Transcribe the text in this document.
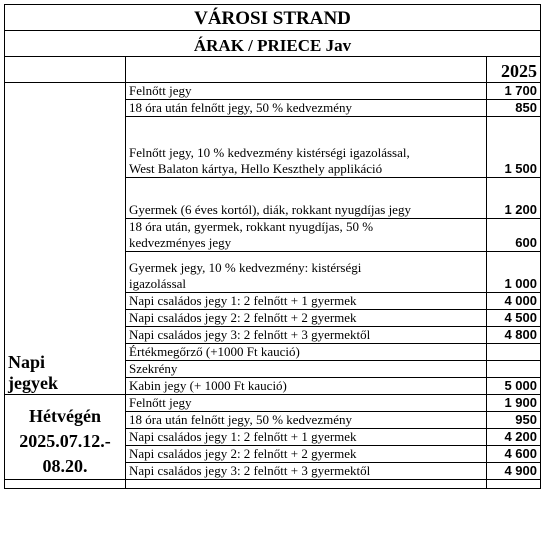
VÁROSI STRAND		
ÁRAK / PRIECE Jav		
		2025

Napi
jegyek	Felnőtt jegy	1 700
	18 óra után felnőtt jegy, 50 % kedvezmény	850

	Felnőtt jegy, 10 % kedvezmény kistérségi igazolással,
West Balaton kártya, Hello Keszthely applikáció	1 500
	Gyermek (6 éves kortól), diák, rokkant nyugdíjas jegy	1 200

	18 óra után, gyermek, rokkant nyugdíjas, 50 %
kedvezményes jegy	600

	Gyermek jegy, 10 % kedvezmény: kistérségi
igazolással	1 000
	Napi családos jegy 1: 2 felnőtt + 1 gyermek	4 000
	Napi családos jegy 2: 2 felnőtt + 2 gyermek	4 500
	Napi családos jegy 3: 2 felnőtt + 3 gyermektől	4 800
	Értékmegőrző (+1000 Ft kaució)	
	Szekrény	
	Kabin jegy (+ 1000 Ft kaució)	5 000

Hétvégén
2025.07.12.-
08.20.	Felnőtt jegy	1 900
	18 óra után felnőtt jegy, 50 % kedvezmény	950
	Napi családos jegy 1: 2 felnőtt + 1 gyermek	4 200
	Napi családos jegy 2: 2 felnőtt + 2 gyermek	4 600
	Napi családos jegy 3: 2 felnőtt + 3 gyermektől	4 900
